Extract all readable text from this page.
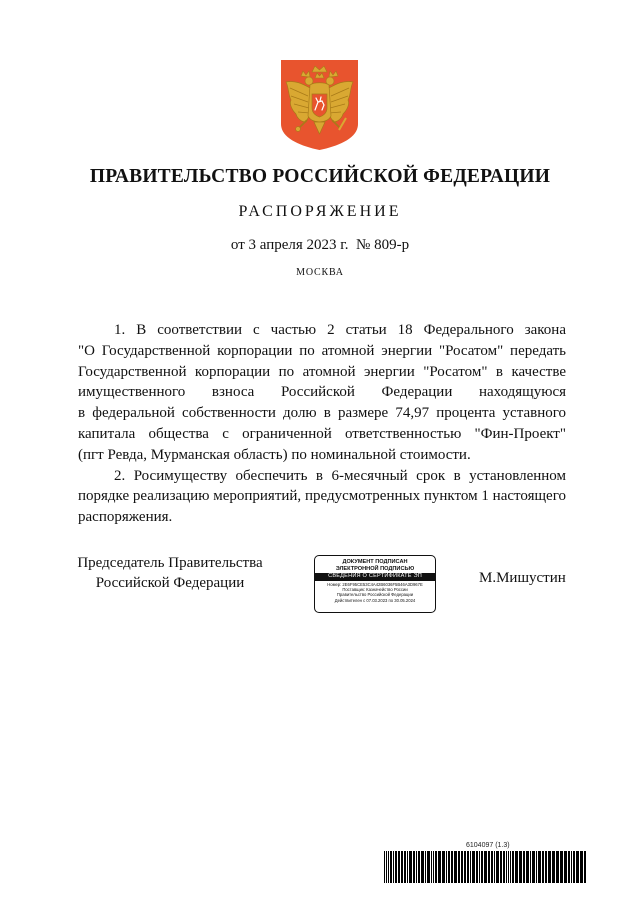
ПРАВИТЕЛЬСТВО РОССИЙСКОЙ ФЕДЕРАЦИИ
РАСПОРЯЖЕНИЕ
от 3 апреля 2023 г.  № 809-р
МОСКВА

1. В соответствии с частью 2 статьи 18 Федерального закона

"О Государственной корпорации по атомной энергии "Росатом" передать

Государственной корпорации по атомной энергии "Росатом" в качестве

имущественного взноса Российской Федерации находящуюся

в федеральной собственности долю в размере 74,97 процента уставного

капитала общества с ограниченной ответственностью "Фин-Проект"

(пгт Ревда, Мурманская область) по номинальной стоимости.

2. Росимуществу обеспечить в 6-месячный срок в установленном

порядке реализацию мероприятий, предусмотренных пунктом 1 настоящего

распоряжения.

Председатель Правительства
Российской Федерации
ДОКУМЕНТ ПОДПИСАН
ЭЛЕКТРОННОЙ ПОДПИСЬЮ
СВЕДЕНИЯ О СЕРТИФИКАТЕ ЭП
Номер: 2E6F95CE53C4A42B6036F5B46A3D967E
Поставщик: Казначейство России
Правительство Российской Федерации
Действителен с 07.03.2023 по 30.05.2024
М.Мишустин
6104097 (1.3)
